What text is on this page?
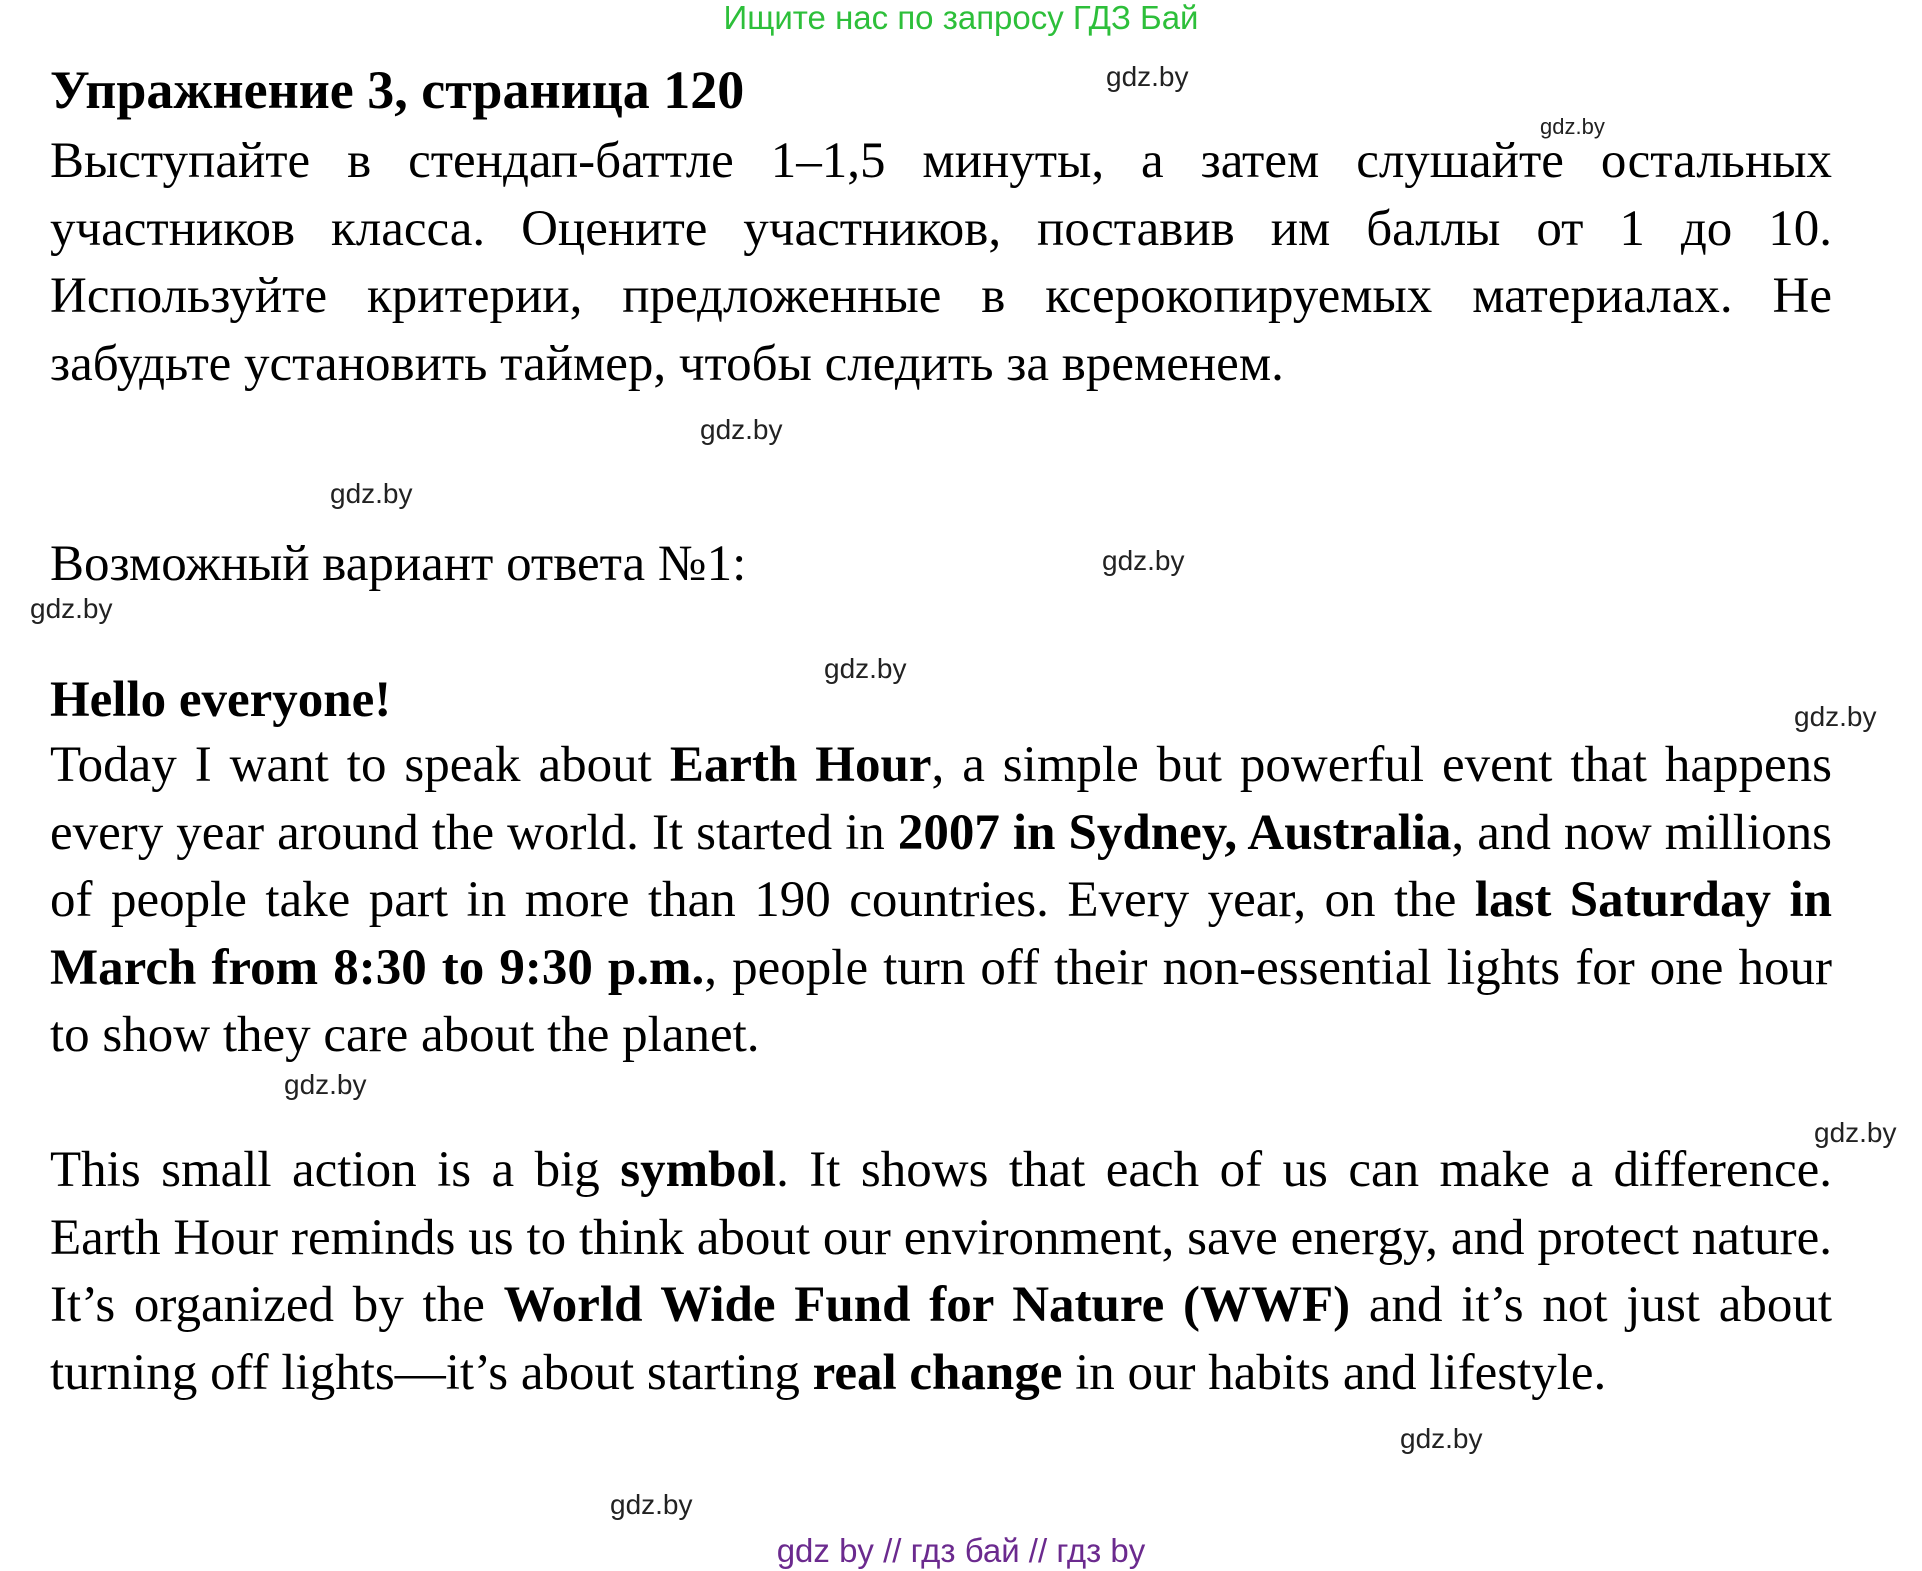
Ищите нас по запросу ГДЗ Бай
Упражнение 3, страница 120

Выступайте в стендап-баттле 1–1,5 минуты, а затем слушайте остальных участников класса. Оцените участников, поставив им баллы от 1 до 10. Используйте критерии, предложенные в ксерокопируемых материалах. Не забудьте установить таймер, чтобы следить за временем.

Возможный вариант ответа №1:

Hello everyone!

Today I want to speak about Earth Hour, a simple but powerful event that happens every year around the world. It started in 2007 in Sydney, Australia, and now millions of people take part in more than 190 countries. Every year, on the last Saturday in March from 8:30 to 9:30 p.m., people turn off their non-essential lights for one hour to show they care about the planet.

This small action is a big symbol. It shows that each of us can make a difference. Earth Hour reminds us to think about our environment, save energy, and protect nature. It’s organized by the World Wide Fund for Nature (WWF) and it’s not just about turning off lights—it’s about starting real change in our habits and lifestyle.

gdz.by
gdz.by
gdz.by
gdz.by
gdz.by
gdz.by
gdz.by
gdz.by
gdz.by
gdz.by
gdz.by
gdz.by
gdz by // гдз бай // гдз by
